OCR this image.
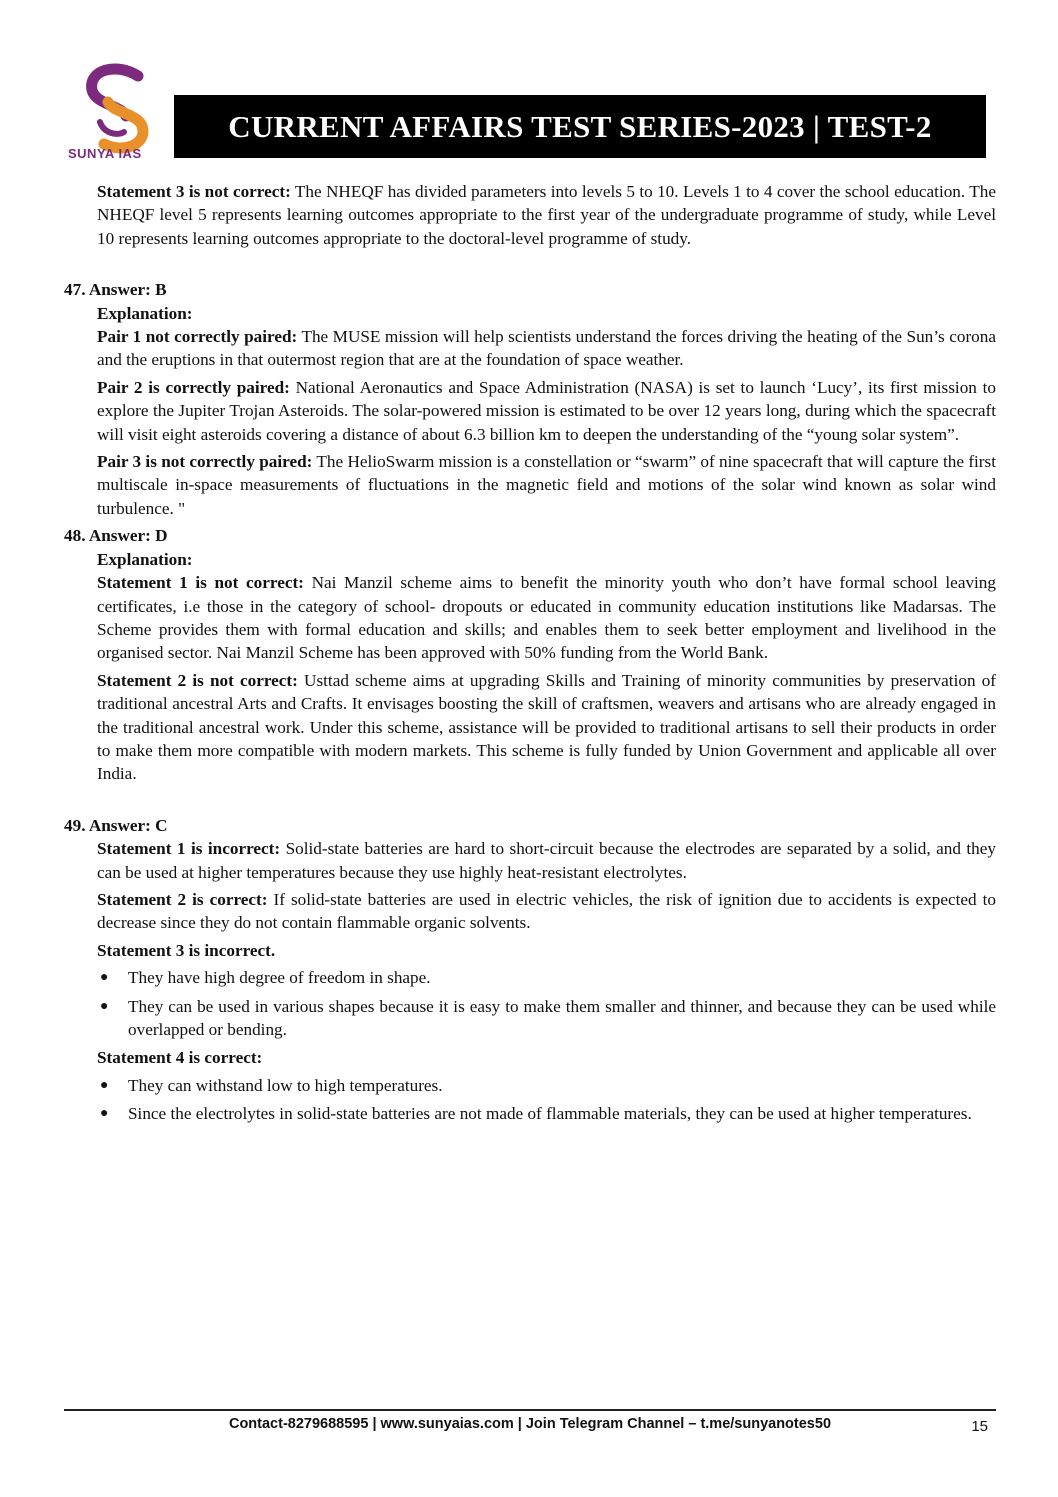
SUNYA IAS
CURRENT AFFAIRS TEST SERIES-2023 | TEST-2

Statement 3 is not correct: The NHEQF has divided parameters into levels 5 to 10. Levels 1 to 4 cover the school education. The NHEQF level 5 represents learning outcomes appropriate to the first year of the undergraduate programme of study, while Level 10 represents learning outcomes appropriate to the doctoral-level programme of study.

47. Answer: B

Explanation:

Pair 1 not correctly paired: The MUSE mission will help scientists understand the forces driving the heating of the Sun’s corona and the eruptions in that outermost region that are at the foundation of space weather.

Pair 2 is correctly paired: National Aeronautics and Space Administration (NASA) is set to launch ‘Lucy’, its first mission to explore the Jupiter Trojan Asteroids. The solar-powered mission is estimated to be over 12 years long, during which the spacecraft will visit eight asteroids covering a distance of about 6.3 billion km to deepen the understanding of the “young solar system”.

Pair 3 is not correctly paired: The HelioSwarm mission is a constellation or “swarm” of nine spacecraft that will capture the first multiscale in-space measurements of fluctuations in the magnetic field and motions of the solar wind known as solar wind turbulence. "

48. Answer: D

Explanation:

Statement 1 is not correct: Nai Manzil scheme aims to benefit the minority youth who don’t have formal school leaving certificates, i.e those in the category of school- dropouts or educated in community education institutions like Madarsas. The Scheme provides them with formal education and skills; and enables them to seek better employment and livelihood in the organised sector. Nai Manzil Scheme has been approved with 50% funding from the World Bank.

Statement 2 is not correct: Usttad scheme aims at upgrading Skills and Training of minority communities by preservation of traditional ancestral Arts and Crafts. It envisages boosting the skill of craftsmen, weavers and artisans who are already engaged in the traditional ancestral work. Under this scheme, assistance will be provided to traditional artisans to sell their products in order to make them more compatible with modern markets. This scheme is fully funded by Union Government and applicable all over India.

49. Answer: C

Statement 1 is incorrect: Solid-state batteries are hard to short-circuit because the electrodes are separated by a solid, and they can be used at higher temperatures because they use highly heat-resistant electrolytes.

Statement 2 is correct: If solid-state batteries are used in electric vehicles, the risk of ignition due to accidents is expected to decrease since they do not contain flammable organic solvents.

Statement 3 is incorrect.

● They have high degree of freedom in shape.
● They can be used in various shapes because it is easy to make them smaller and thinner, and because they can be used while overlapped or bending.

Statement 4 is correct:

● They can withstand low to high temperatures.
● Since the electrolytes in solid-state batteries are not made of flammable materials, they can be used at higher temperatures.
Contact-8279688595 | www.sunyaias.com | Join Telegram Channel – t.me/sunyanotes50	15
